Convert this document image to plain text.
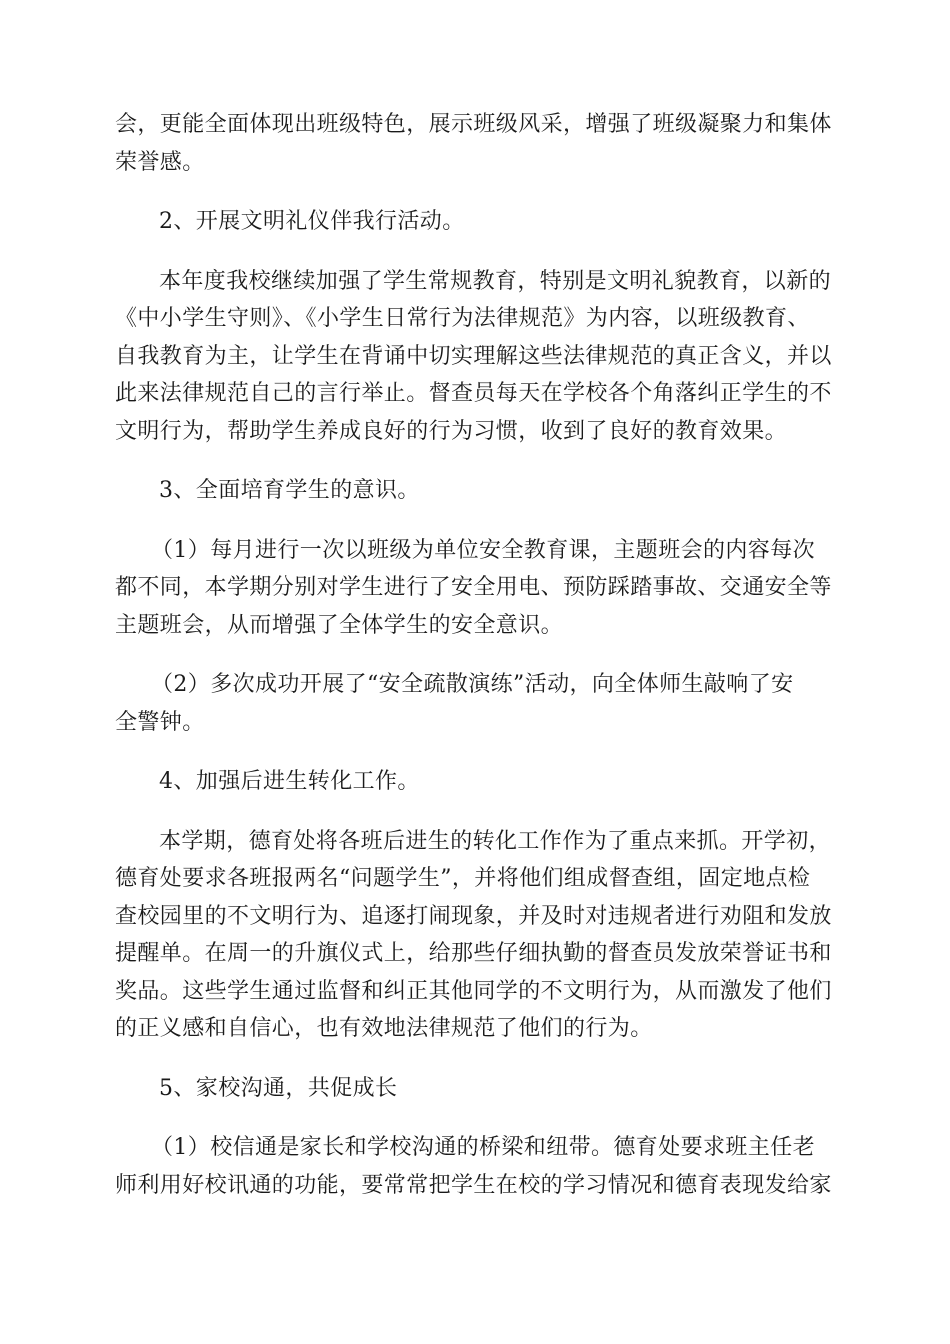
会，更能全面体现出班级特色，展示班级风采，增强了班级凝聚力和集体
荣誉感。

2、开展文明礼仪伴我行活动。

本年度我校继续加强了学生常规教育，特别是文明礼貌教育，以新的
《中小学生守则》、《小学生日常行为法律规范》为内容，以班级教育、
自我教育为主，让学生在背诵中切实理解这些法律规范的真正含义，并以
此来法律规范自己的言行举止。督查员每天在学校各个角落纠正学生的不
文明行为，帮助学生养成良好的行为习惯，收到了良好的教育效果。

3、全面培育学生的意识。

（1）每月进行一次以班级为单位安全教育课，主题班会的内容每次
都不同，本学期分别对学生进行了安全用电、预防踩踏事故、交通安全等
主题班会，从而增强了全体学生的安全意识。

（2）多次成功开展了“安全疏散演练”活动，向全体师生敲响了安
全警钟。

4、加强后进生转化工作。

本学期，德育处将各班后进生的转化工作作为了重点来抓。开学初，
德育处要求各班报两名“问题学生”，并将他们组成督查组，固定地点检
查校园里的不文明行为、追逐打闹现象，并及时对违规者进行劝阻和发放
提醒单。在周一的升旗仪式上，给那些仔细执勤的督查员发放荣誉证书和
奖品。这些学生通过监督和纠正其他同学的不文明行为，从而激发了他们
的正义感和自信心，也有效地法律规范了他们的行为。

5、家校沟通，共促成长

（1）校信通是家长和学校沟通的桥梁和纽带。德育处要求班主任老
师利用好校讯通的功能，要常常把学生在校的学习情况和德育表现发给家
